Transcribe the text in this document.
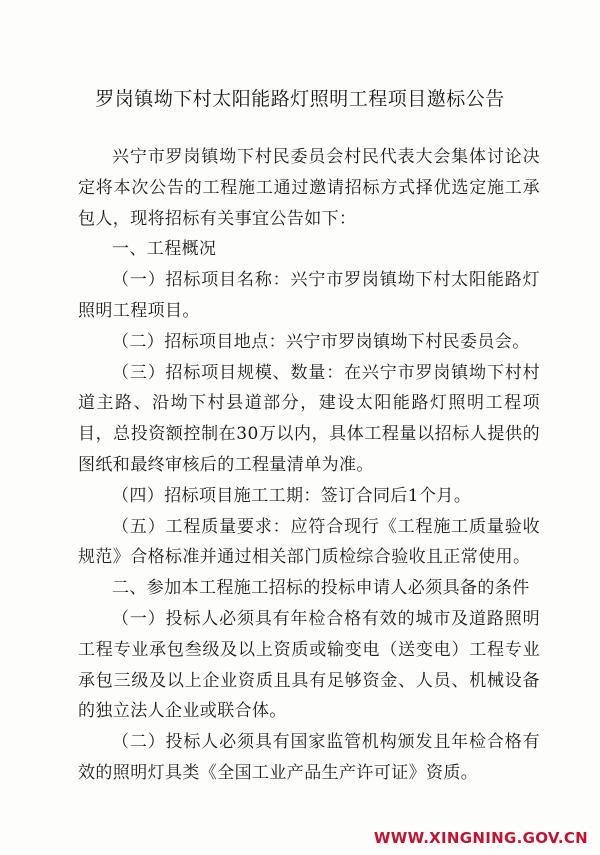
罗岗镇坳下村太阳能路灯照明工程项目邀标公告

兴宁市罗岗镇坳下村民委员会村民代表大会集体讨论决定将本次公告的工程施工通过邀请招标方式择优选定施工承包人，现将招标有关事宜公告如下：

一、工程概况

（一）招标项目名称：兴宁市罗岗镇坳下村太阳能路灯照明工程项目。

（二）招标项目地点：兴宁市罗岗镇坳下村民委员会。

（三）招标项目规模、数量：在兴宁市罗岗镇坳下村村道主路、沿坳下村县道部分，建设太阳能路灯照明工程项目，总投资额控制在30万以内，具体工程量以招标人提供的图纸和最终审核后的工程量清单为准。

（四）招标项目施工工期：签订合同后1个月。

（五）工程质量要求：应符合现行《工程施工质量验收规范》合格标准并通过相关部门质检综合验收且正常使用。

二、参加本工程施工招标的投标申请人必须具备的条件

（一）投标人必须具有年检合格有效的城市及道路照明工程专业承包叁级及以上资质或输变电（送变电）工程专业承包三级及以上企业资质且具有足够资金、人员、机械设备的独立法人企业或联合体。

（二）投标人必须具有国家监管机构颁发且年检合格有效的照明灯具类《全国工业产品生产许可证》资质。

WWW.XINGNING.GOV.CN
